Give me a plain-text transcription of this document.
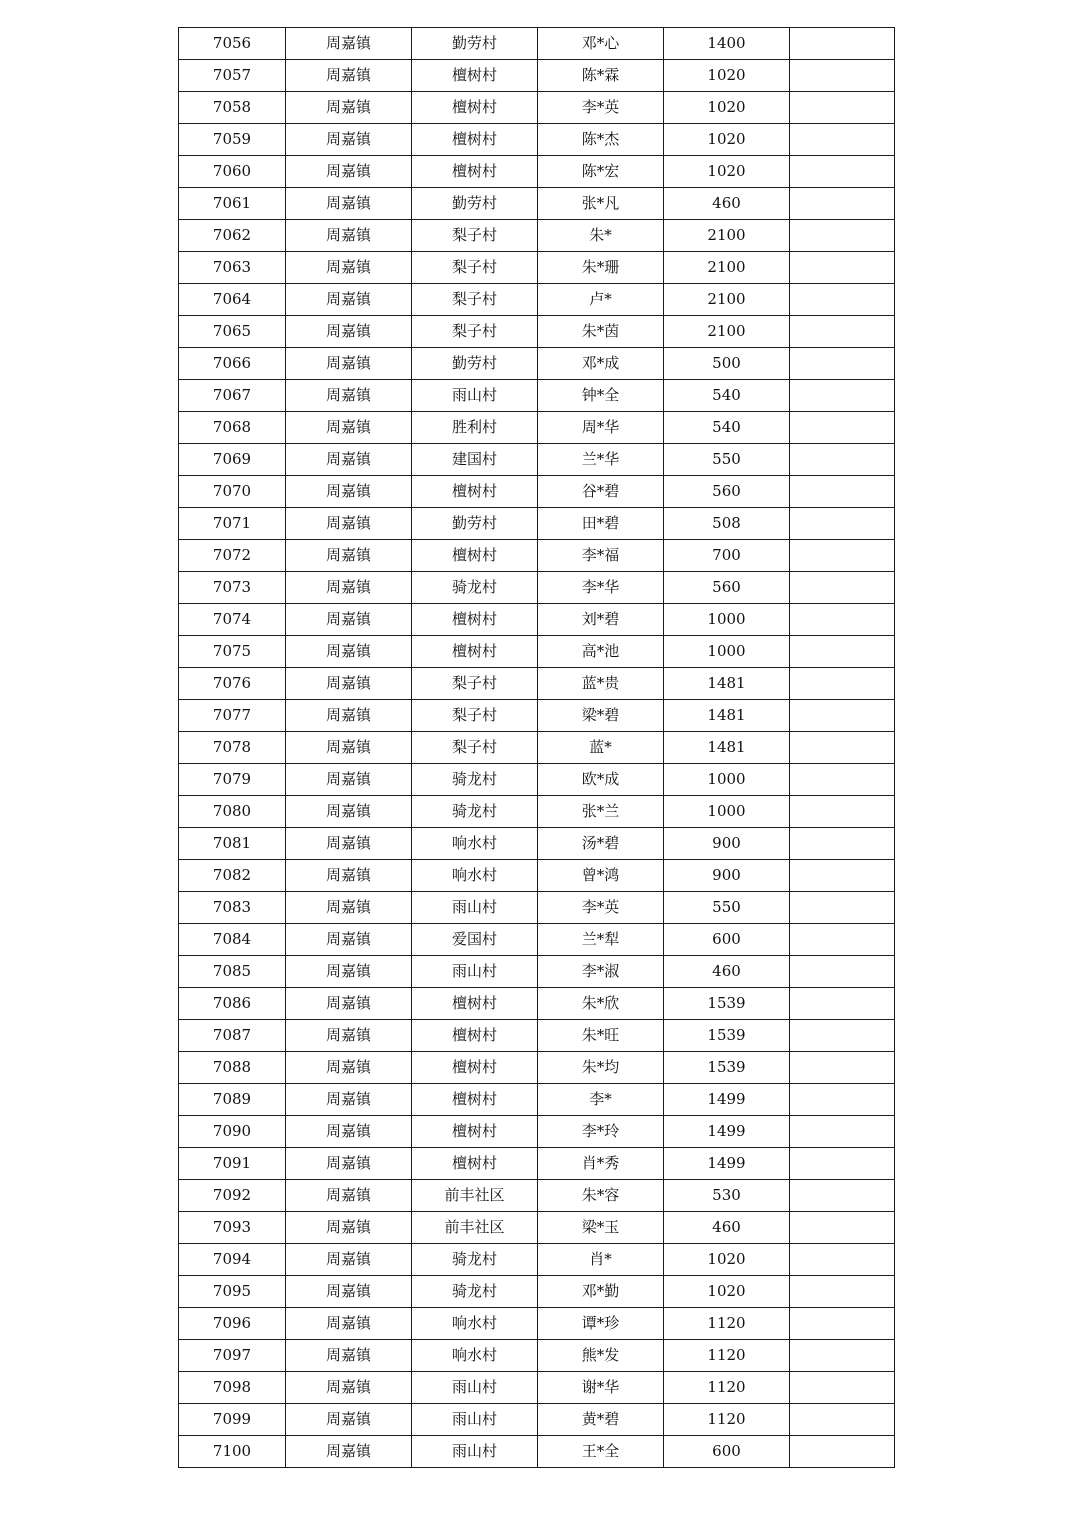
7056	周嘉镇	勤劳村	邓*心	1400	
7057	周嘉镇	檀树村	陈*霖	1020	
7058	周嘉镇	檀树村	李*英	1020	
7059	周嘉镇	檀树村	陈*杰	1020	
7060	周嘉镇	檀树村	陈*宏	1020	
7061	周嘉镇	勤劳村	张*凡	460	
7062	周嘉镇	梨子村	朱*	2100	
7063	周嘉镇	梨子村	朱*珊	2100	
7064	周嘉镇	梨子村	卢*	2100	
7065	周嘉镇	梨子村	朱*茵	2100	
7066	周嘉镇	勤劳村	邓*成	500	
7067	周嘉镇	雨山村	钟*全	540	
7068	周嘉镇	胜利村	周*华	540	
7069	周嘉镇	建国村	兰*华	550	
7070	周嘉镇	檀树村	谷*碧	560	
7071	周嘉镇	勤劳村	田*碧	508	
7072	周嘉镇	檀树村	李*福	700	
7073	周嘉镇	骑龙村	李*华	560	
7074	周嘉镇	檀树村	刘*碧	1000	
7075	周嘉镇	檀树村	高*池	1000	
7076	周嘉镇	梨子村	蓝*贵	1481	
7077	周嘉镇	梨子村	梁*碧	1481	
7078	周嘉镇	梨子村	蓝*	1481	
7079	周嘉镇	骑龙村	欧*成	1000	
7080	周嘉镇	骑龙村	张*兰	1000	
7081	周嘉镇	响水村	汤*碧	900	
7082	周嘉镇	响水村	曾*鸿	900	
7083	周嘉镇	雨山村	李*英	550	
7084	周嘉镇	爱国村	兰*犁	600	
7085	周嘉镇	雨山村	李*淑	460	
7086	周嘉镇	檀树村	朱*欣	1539	
7087	周嘉镇	檀树村	朱*旺	1539	
7088	周嘉镇	檀树村	朱*均	1539	
7089	周嘉镇	檀树村	李*	1499	
7090	周嘉镇	檀树村	李*玲	1499	
7091	周嘉镇	檀树村	肖*秀	1499	
7092	周嘉镇	前丰社区	朱*容	530	
7093	周嘉镇	前丰社区	梁*玉	460	
7094	周嘉镇	骑龙村	肖*	1020	
7095	周嘉镇	骑龙村	邓*勤	1020	
7096	周嘉镇	响水村	谭*珍	1120	
7097	周嘉镇	响水村	熊*发	1120	
7098	周嘉镇	雨山村	谢*华	1120	
7099	周嘉镇	雨山村	黄*碧	1120	
7100	周嘉镇	雨山村	王*全	600	
